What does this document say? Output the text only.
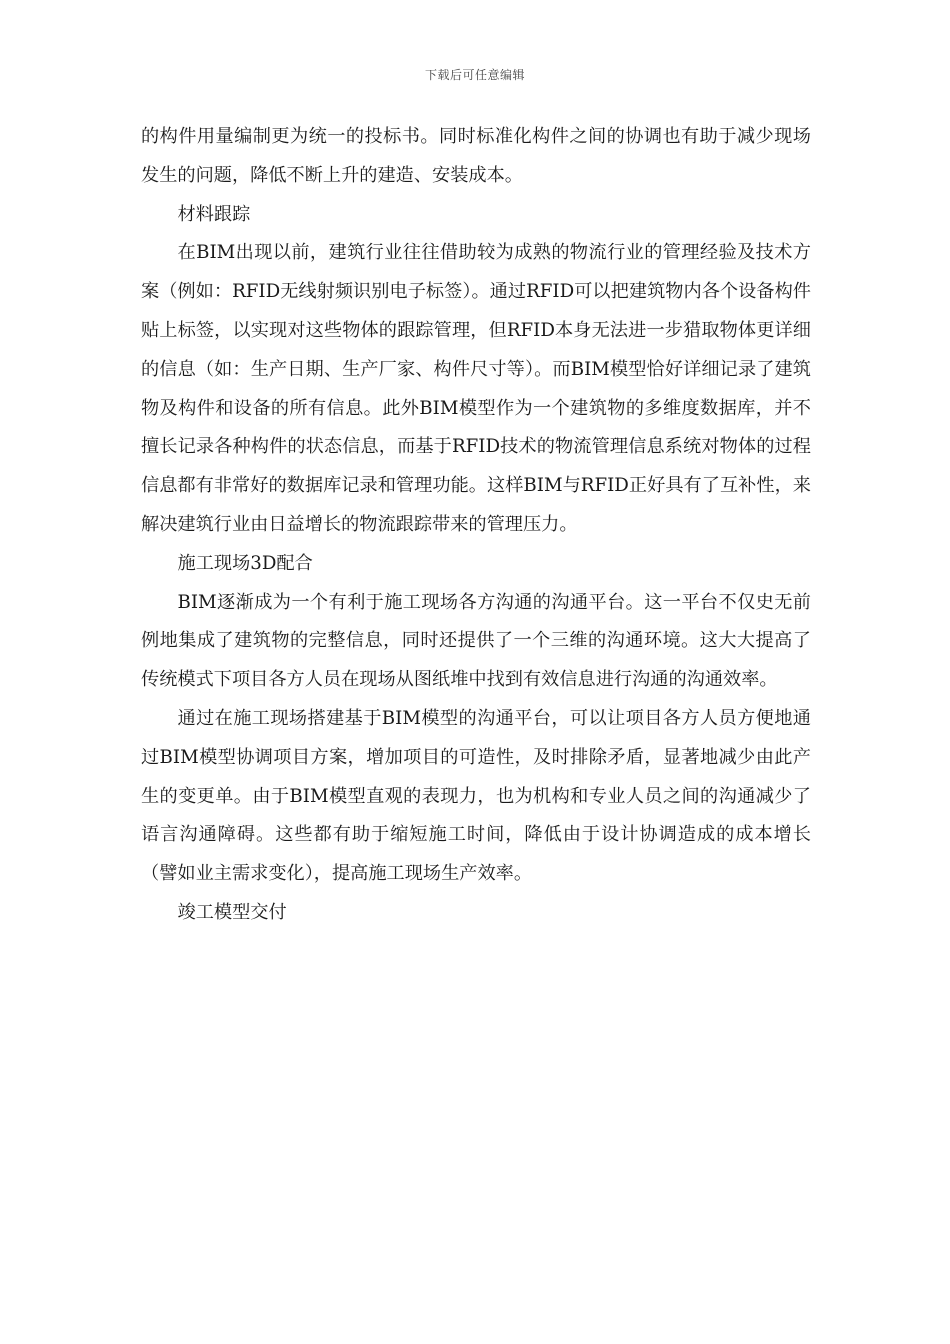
下载后可任意编辑

的构件用量编制更为统一的投标书。同时标准化构件之间的协调也有助于减少现场发生的问题，降低不断上升的建造、安装成本。

材料跟踪

在BIM出现以前，建筑行业往往借助较为成熟的物流行业的管理经验及技术方案（例如：RFID无线射频识别电子标签）。通过RFID可以把建筑物内各个设备构件贴上标签，以实现对这些物体的跟踪管理，但RFID本身无法进一步猎取物体更详细的信息（如：生产日期、生产厂家、构件尺寸等）。而BIM模型恰好详细记录了建筑物及构件和设备的所有信息。此外BIM模型作为一个建筑物的多维度数据库，并不擅长记录各种构件的状态信息，而基于RFID技术的物流管理信息系统对物体的过程信息都有非常好的数据库记录和管理功能。这样BIM与RFID正好具有了互补性，来解决建筑行业由日益增长的物流跟踪带来的管理压力。

施工现场3D配合

BIM逐渐成为一个有利于施工现场各方沟通的沟通平台。这一平台不仅史无前例地集成了建筑物的完整信息，同时还提供了一个三维的沟通环境。这大大提高了传统模式下项目各方人员在现场从图纸堆中找到有效信息进行沟通的沟通效率。

通过在施工现场搭建基于BIM模型的沟通平台，可以让项目各方人员方便地通过BIM模型协调项目方案，增加项目的可造性，及时排除矛盾，显著地减少由此产生的变更单。由于BIM模型直观的表现力，也为机构和专业人员之间的沟通减少了语言沟通障碍。这些都有助于缩短施工时间，降低由于设计协调造成的成本增长（譬如业主需求变化），提高施工现场生产效率。

竣工模型交付
